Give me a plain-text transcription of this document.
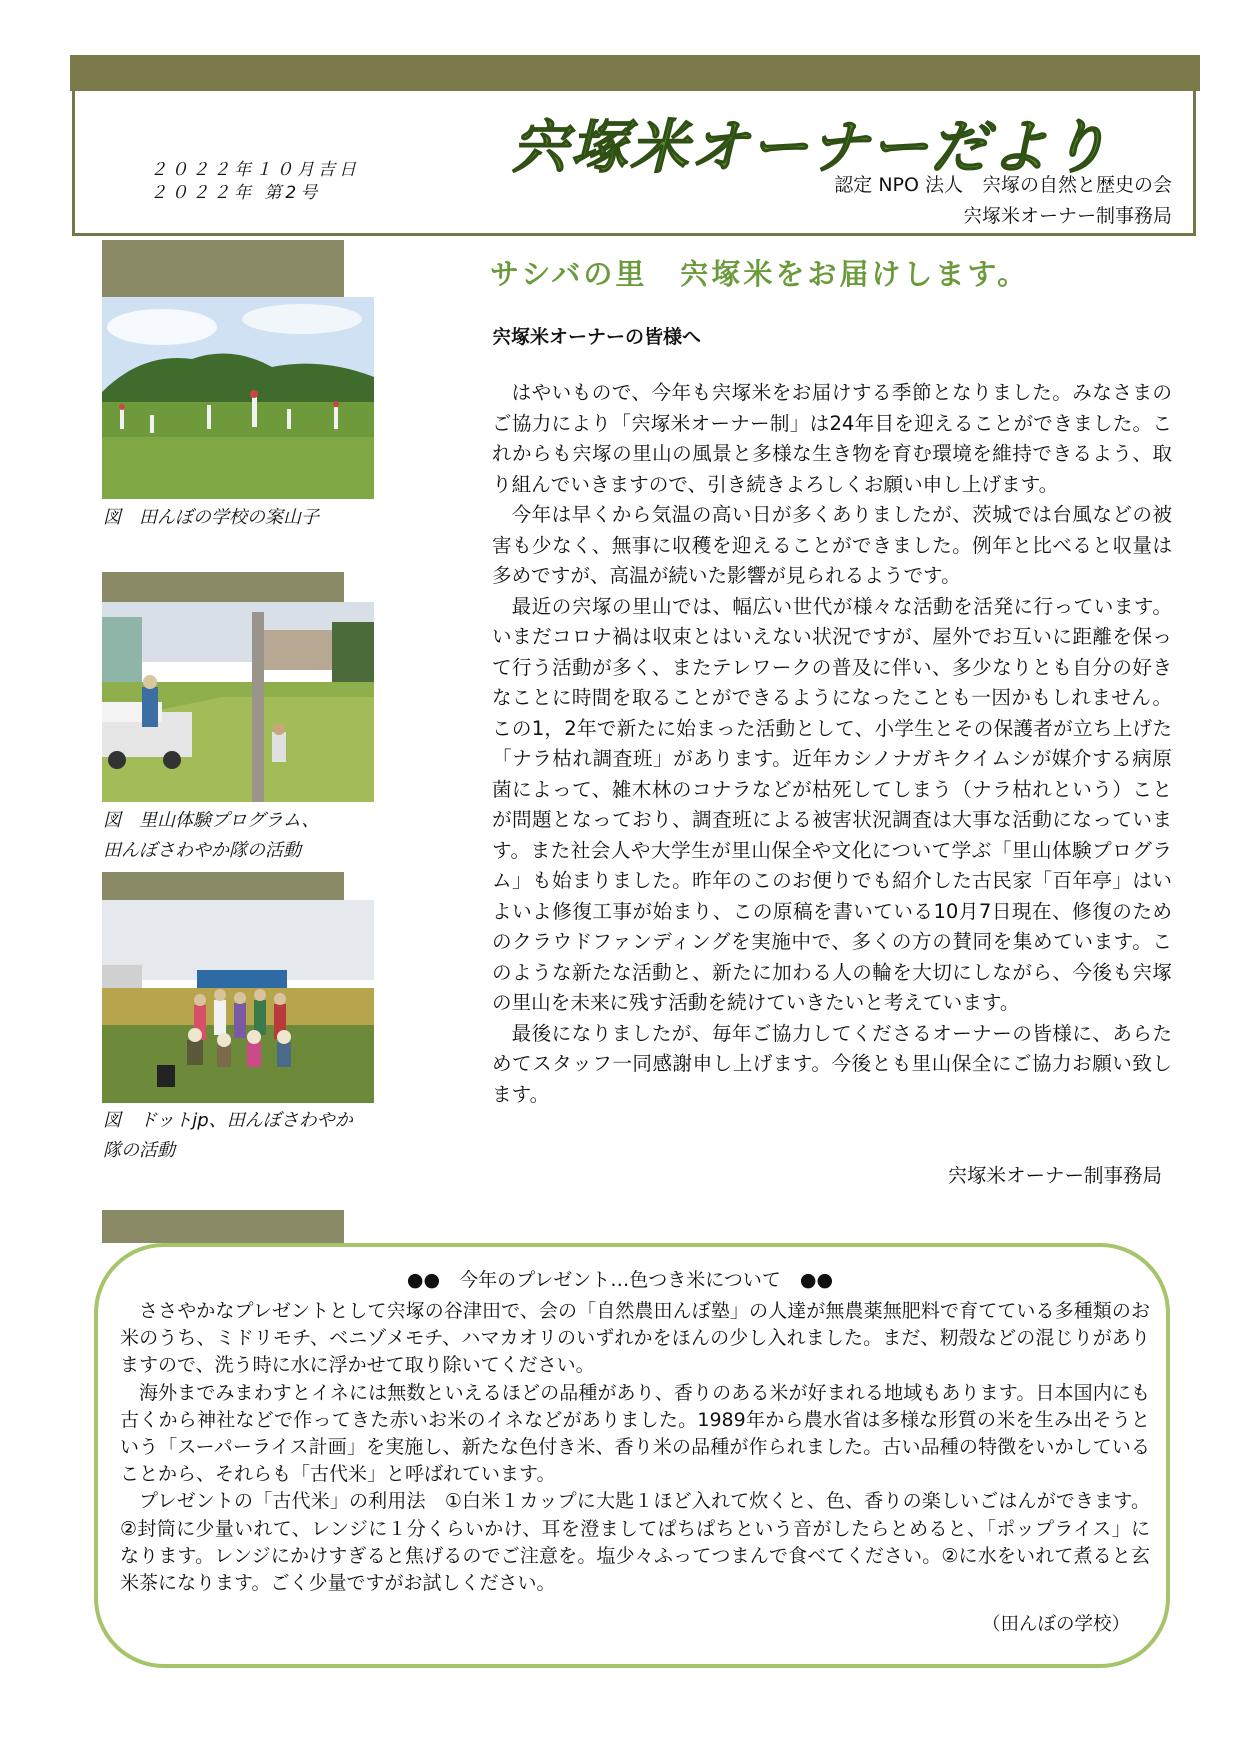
２０２２年１０月吉日
２０２２年 第2号
宍塚米オーナーだより
認定 NPO 法人　宍塚の自然と歴史の会
宍塚米オーナー制事務局
図　田んぼの学校の案山子
図　里山体験プログラム、
田んぼさわやか隊の活動
図　ドットjp、田んぼさわやか
隊の活動
サシバの里　宍塚米をお届けします。
宍塚米オーナーの皆様へ

はやいもので、今年も宍塚米をお届けする季節となりました。みなさまのご協力により「宍塚米オーナー制」は24年目を迎えることができました。これからも宍塚の里山の風景と多様な生き物を育む環境を維持できるよう、取り組んでいきますので、引き続きよろしくお願い申し上げます。

今年は早くから気温の高い日が多くありましたが、茨城では台風などの被害も少なく、無事に収穫を迎えることができました。例年と比べると収量は多めですが、高温が続いた影響が見られるようです。

最近の宍塚の里山では、幅広い世代が様々な活動を活発に行っています。いまだコロナ禍は収束とはいえない状況ですが、屋外でお互いに距離を保って行う活動が多く、またテレワークの普及に伴い、多少なりとも自分の好きなことに時間を取ることができるようになったことも一因かもしれません。この1，2年で新たに始まった活動として、小学生とその保護者が立ち上げた「ナラ枯れ調査班」があります。近年カシノナガキクイムシが媒介する病原菌によって、雑木林のコナラなどが枯死してしまう（ナラ枯れという）ことが問題となっており、調査班による被害状況調査は大事な活動になっています。また社会人や大学生が里山保全や文化について学ぶ「里山体験プログラム」も始まりました。昨年のこのお便りでも紹介した古民家「百年亭」はいよいよ修復工事が始まり、この原稿を書いている10月7日現在、修復のためのクラウドファンディングを実施中で、多くの方の賛同を集めています。このような新たな活動と、新たに加わる人の輪を大切にしながら、今後も宍塚の里山を未来に残す活動を続けていきたいと考えています。

最後になりましたが、毎年ご協力してくださるオーナーの皆様に、あらためてスタッフ一同感謝申し上げます。今後とも里山保全にご協力お願い致します。

宍塚米オーナー制事務局
●●　今年のプレゼント…色つき米について　●●

ささやかなプレゼントとして宍塚の谷津田で、会の「自然農田んぼ塾」の人達が無農薬無肥料で育てている多種類のお米のうち、ミドリモチ、ベニゾメモチ、ハマカオリのいずれかをほんの少し入れました。まだ、籾殻などの混じりがありますので、洗う時に水に浮かせて取り除いてください。

海外までみまわすとイネには無数といえるほどの品種があり、香りのある米が好まれる地域もあります。日本国内にも古くから神社などで作ってきた赤いお米のイネなどがありました。1989年から農水省は多様な形質の米を生み出そうという「スーパーライス計画」を実施し、新たな色付き米、香り米の品種が作られました。古い品種の特徴をいかしていることから、それらも「古代米」と呼ばれています。

プレゼントの「古代米」の利用法　①白米１カップに大匙１ほど入れて炊くと、色、香りの楽しいごはんができます。②封筒に少量いれて、レンジに１分くらいかけ、耳を澄ましてぱちぱちという音がしたらとめると、「ポップライス」になります。レンジにかけすぎると焦げるのでご注意を。塩少々ふってつまんで食べてください。②に水をいれて煮ると玄米茶になります。ごく少量ですがお試しください。

（田んぼの学校）
